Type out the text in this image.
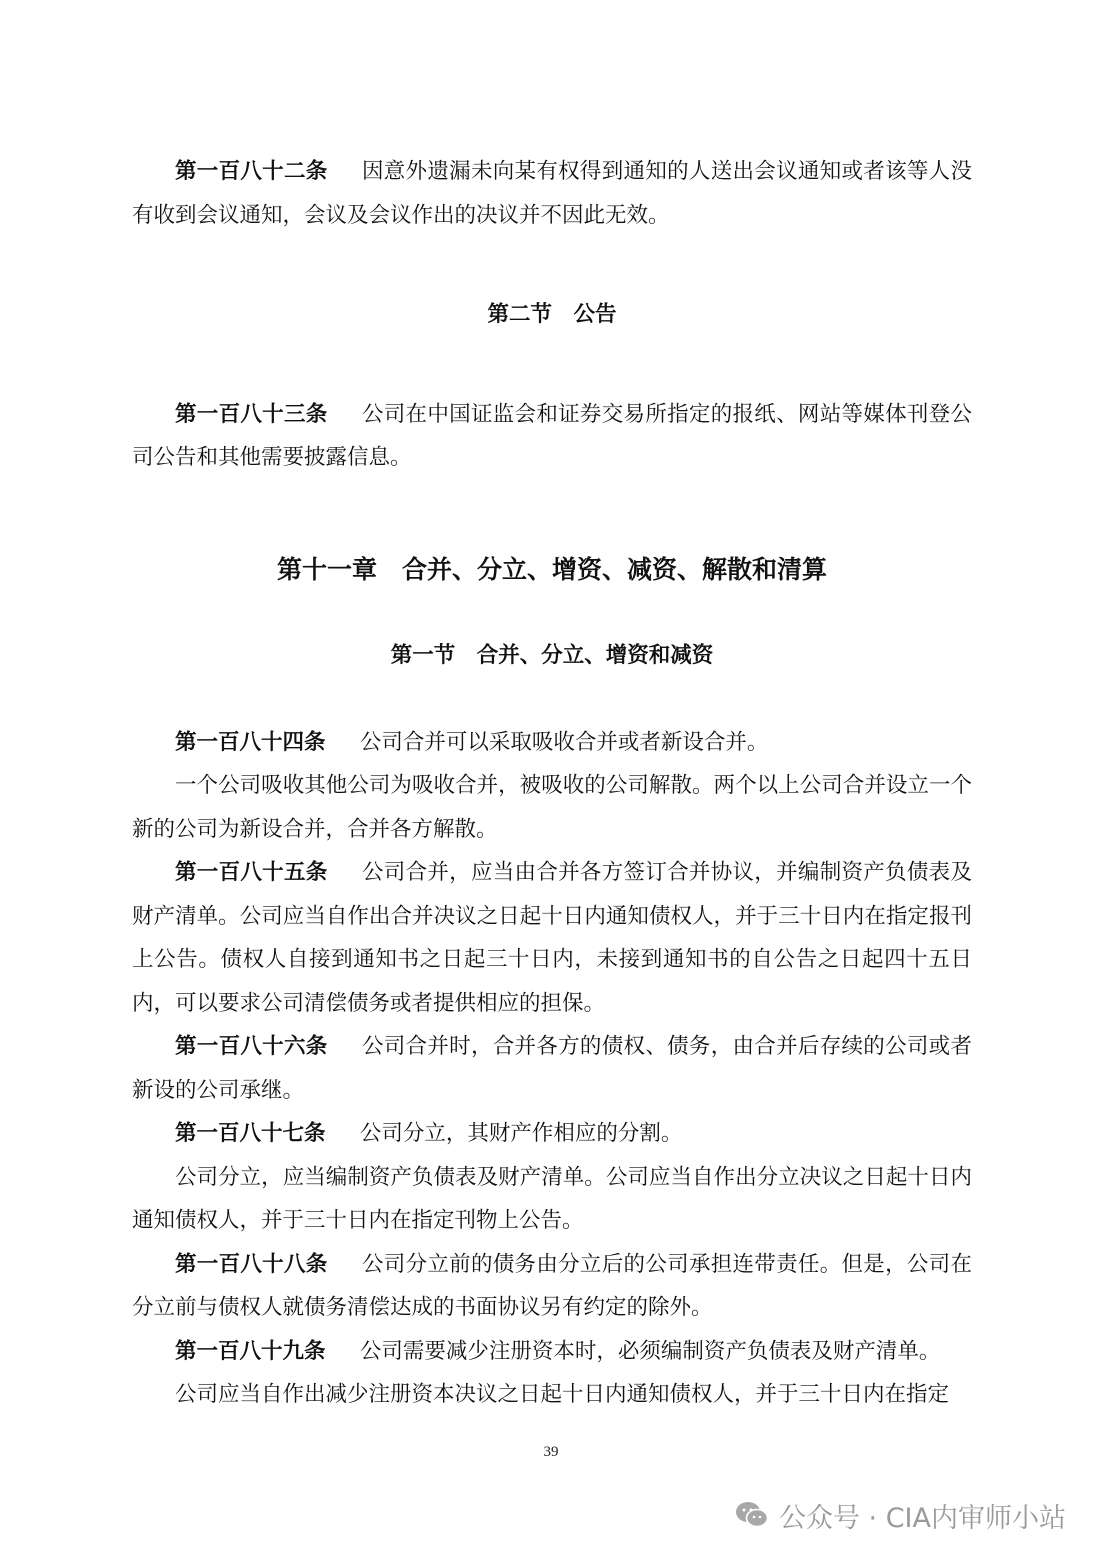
第一百八十二条 因意外遗漏未向某有权得到通知的人送出会议通知或者该等人没有收到会议通知，会议及会议作出的决议并不因此无效。

第二节　公告

第一百八十三条 公司在中国证监会和证券交易所指定的报纸、网站等媒体刊登公司公告和其他需要披露信息。

第十一章　合并、分立、增资、减资、解散和清算

第一节　合并、分立、增资和减资

第一百八十四条 公司合并可以采取吸收合并或者新设合并。

一个公司吸收其他公司为吸收合并，被吸收的公司解散。两个以上公司合并设立一个新的公司为新设合并，合并各方解散。

第一百八十五条 公司合并，应当由合并各方签订合并协议，并编制资产负债表及财产清单。公司应当自作出合并决议之日起十日内通知债权人，并于三十日内在指定报刊上公告。债权人自接到通知书之日起三十日内，未接到通知书的自公告之日起四十五日内，可以要求公司清偿债务或者提供相应的担保。

第一百八十六条 公司合并时，合并各方的债权、债务，由合并后存续的公司或者新设的公司承继。

第一百八十七条 公司分立，其财产作相应的分割。

公司分立，应当编制资产负债表及财产清单。公司应当自作出分立决议之日起十日内通知债权人，并于三十日内在指定刊物上公告。

第一百八十八条 公司分立前的债务由分立后的公司承担连带责任。但是，公司在分立前与债权人就债务清偿达成的书面协议另有约定的除外。

第一百八十九条 公司需要减少注册资本时，必须编制资产负债表及财产清单。

公司应当自作出减少注册资本决议之日起十日内通知债权人，并于三十日内在指定

39
公众号 · CIA内审师小站
